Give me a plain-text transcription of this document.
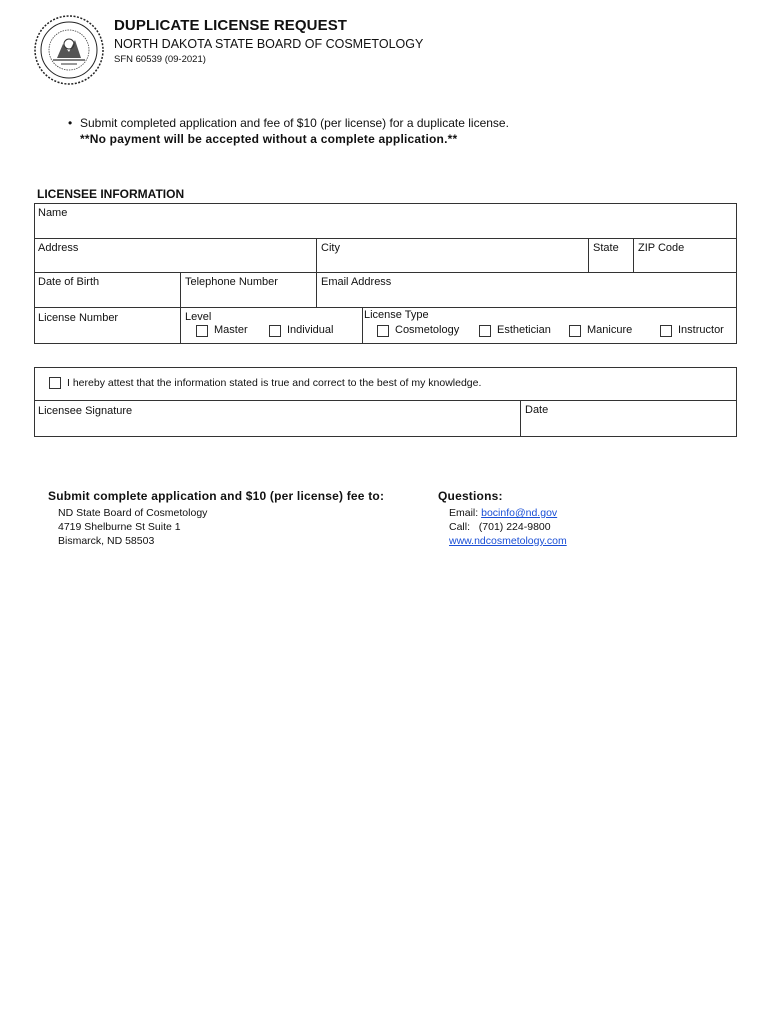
DUPLICATE LICENSE REQUEST
NORTH DAKOTA STATE BOARD OF COSMETOLOGY
SFN 60539 (09-2021)
• Submit completed application and fee of $10 (per license) for a duplicate license.
**No payment will be accepted without a complete application.**
LICENSEE INFORMATION
Name
Address	City	State ZIP Code
Date of Birth	Telephone Number	Email Address
License Number	Level	License Type
Master	Individual	Cosmetology	Esthetician	Manicure	Instructor
I hereby attest that the information stated is true and correct to the best of my knowledge.
Licensee Signature	Date
Submit complete application and $10 (per license) fee to:
ND State Board of Cosmetology
4719 Shelburne St Suite 1
Bismarck, ND 58503
Questions:
Email: bocinfo@nd.gov
Call: (701) 224-9800
www.ndcosmetology.com
